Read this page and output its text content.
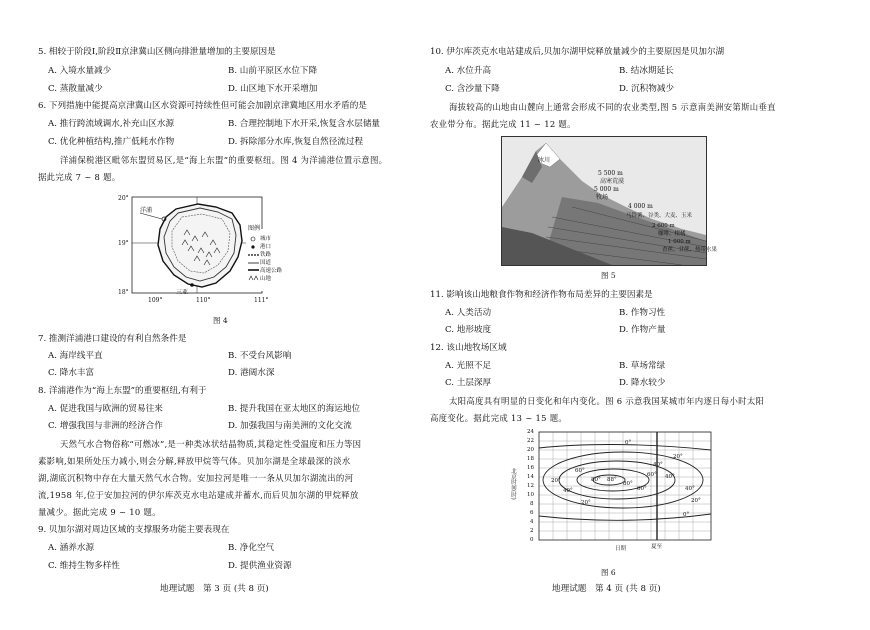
5. 相较于阶段Ⅰ,阶段Ⅱ京津冀山区侧向排泄量增加的主要原因是
A. 入境水量减少	B. 山前平原区水位下降
C. 蒸散量减少	D. 山区地下水开采增加
6. 下列措施中能提高京津冀山区水资源可持续性但可能会加剧京津冀地区用水矛盾的是
A. 推行跨流域调水,补充山区水源	B. 合理控制地下水开采,恢复含水层储量
C. 优化种植结构,推广低耗水作物	D. 拆除部分水库,恢复自然径流过程
洋浦保税港区毗邻东盟贸易区,是“海上东盟”的重要枢纽。图 4 为洋浦港位置示意图。
据此完成 7 ~ 8 题。
20°
19°
18°
109°	110°	111°
洋浦
三亚
图例
城市
港口
铁路
国道
高速公路
山地
图 4
7. 推测洋浦港口建设的有利自然条件是
A. 海岸线平直	B. 不受台风影响
C. 降水丰富	D. 港阔水深
8. 洋浦港作为“海上东盟”的重要枢纽,有利于
A. 促进我国与欧洲的贸易往来	B. 提升我国在亚太地区的海运地位
C. 增强我国与非洲的经济合作	D. 加强我国与南美洲的文化交流
天然气水合物俗称“可燃冰”,是一种类冰状结晶物质,其稳定性受温度和压力等因
素影响,如果所处压力减小,则会分解,释放甲烷等气体。贝加尔湖是全球最深的淡水
湖,湖底沉积物中存在大量天然气水合物。安加拉河是唯一一条从贝加尔湖流出的河
流,1958 年,位于安加拉河的伊尔库茨克水电站建成并蓄水,而后贝加尔湖的甲烷释放
量减少。据此完成 9 ~ 10 题。
9. 贝加尔湖对周边区域的支撑服务功能主要表现在
A. 涵养水源	B. 净化空气
C. 维持生物多样性	D. 提供渔业资源
地理试题　第 3 页 (共 8 页)
10. 伊尔库茨克水电站建成后,贝加尔湖甲烷释放量减少的主要原因是贝加尔湖
A. 水位升高	B. 结冰期延长
C. 含沙量下降	D. 沉积物减少
海拔较高的山地由山麓向上通常会形成不同的农业类型,图 5 示意南美洲安第斯山垂直
农业带分布。据此完成 11 ~ 12 题。
冰川
5 500 m
高寒荒漠
5 000 m
牧场
4 000 m
马铃薯、谷类、大麦、玉米
2 600 m
咖啡、柑橘
1 000 m
香蕉、甘蔗、热带水果
图 5
11. 影响该山地粮食作物和经济作物布局差异的主要因素是
A. 人类活动	B. 作物习性
C. 地形坡度	D. 作物产量
12. 该山地牧场区域
A. 光照不足	B. 草场常绿
C. 土层深厚	D. 降水较少
太阳高度具有明显的日变化和年内变化。图 6 示意我国某城市年内逐日每小时太阳
高度变化。据此完成 13 ~ 15 题。
24
22
20
18
16
14
12
10
8
6
4
2
0
北京时间(时)
0°
20°
40°
60°
80° 88°
80°
60°
40°
20°
0°
20°
40°
60°
40°
20°
日期	夏至
图 6
地理试题　第 4 页 (共 8 页)
